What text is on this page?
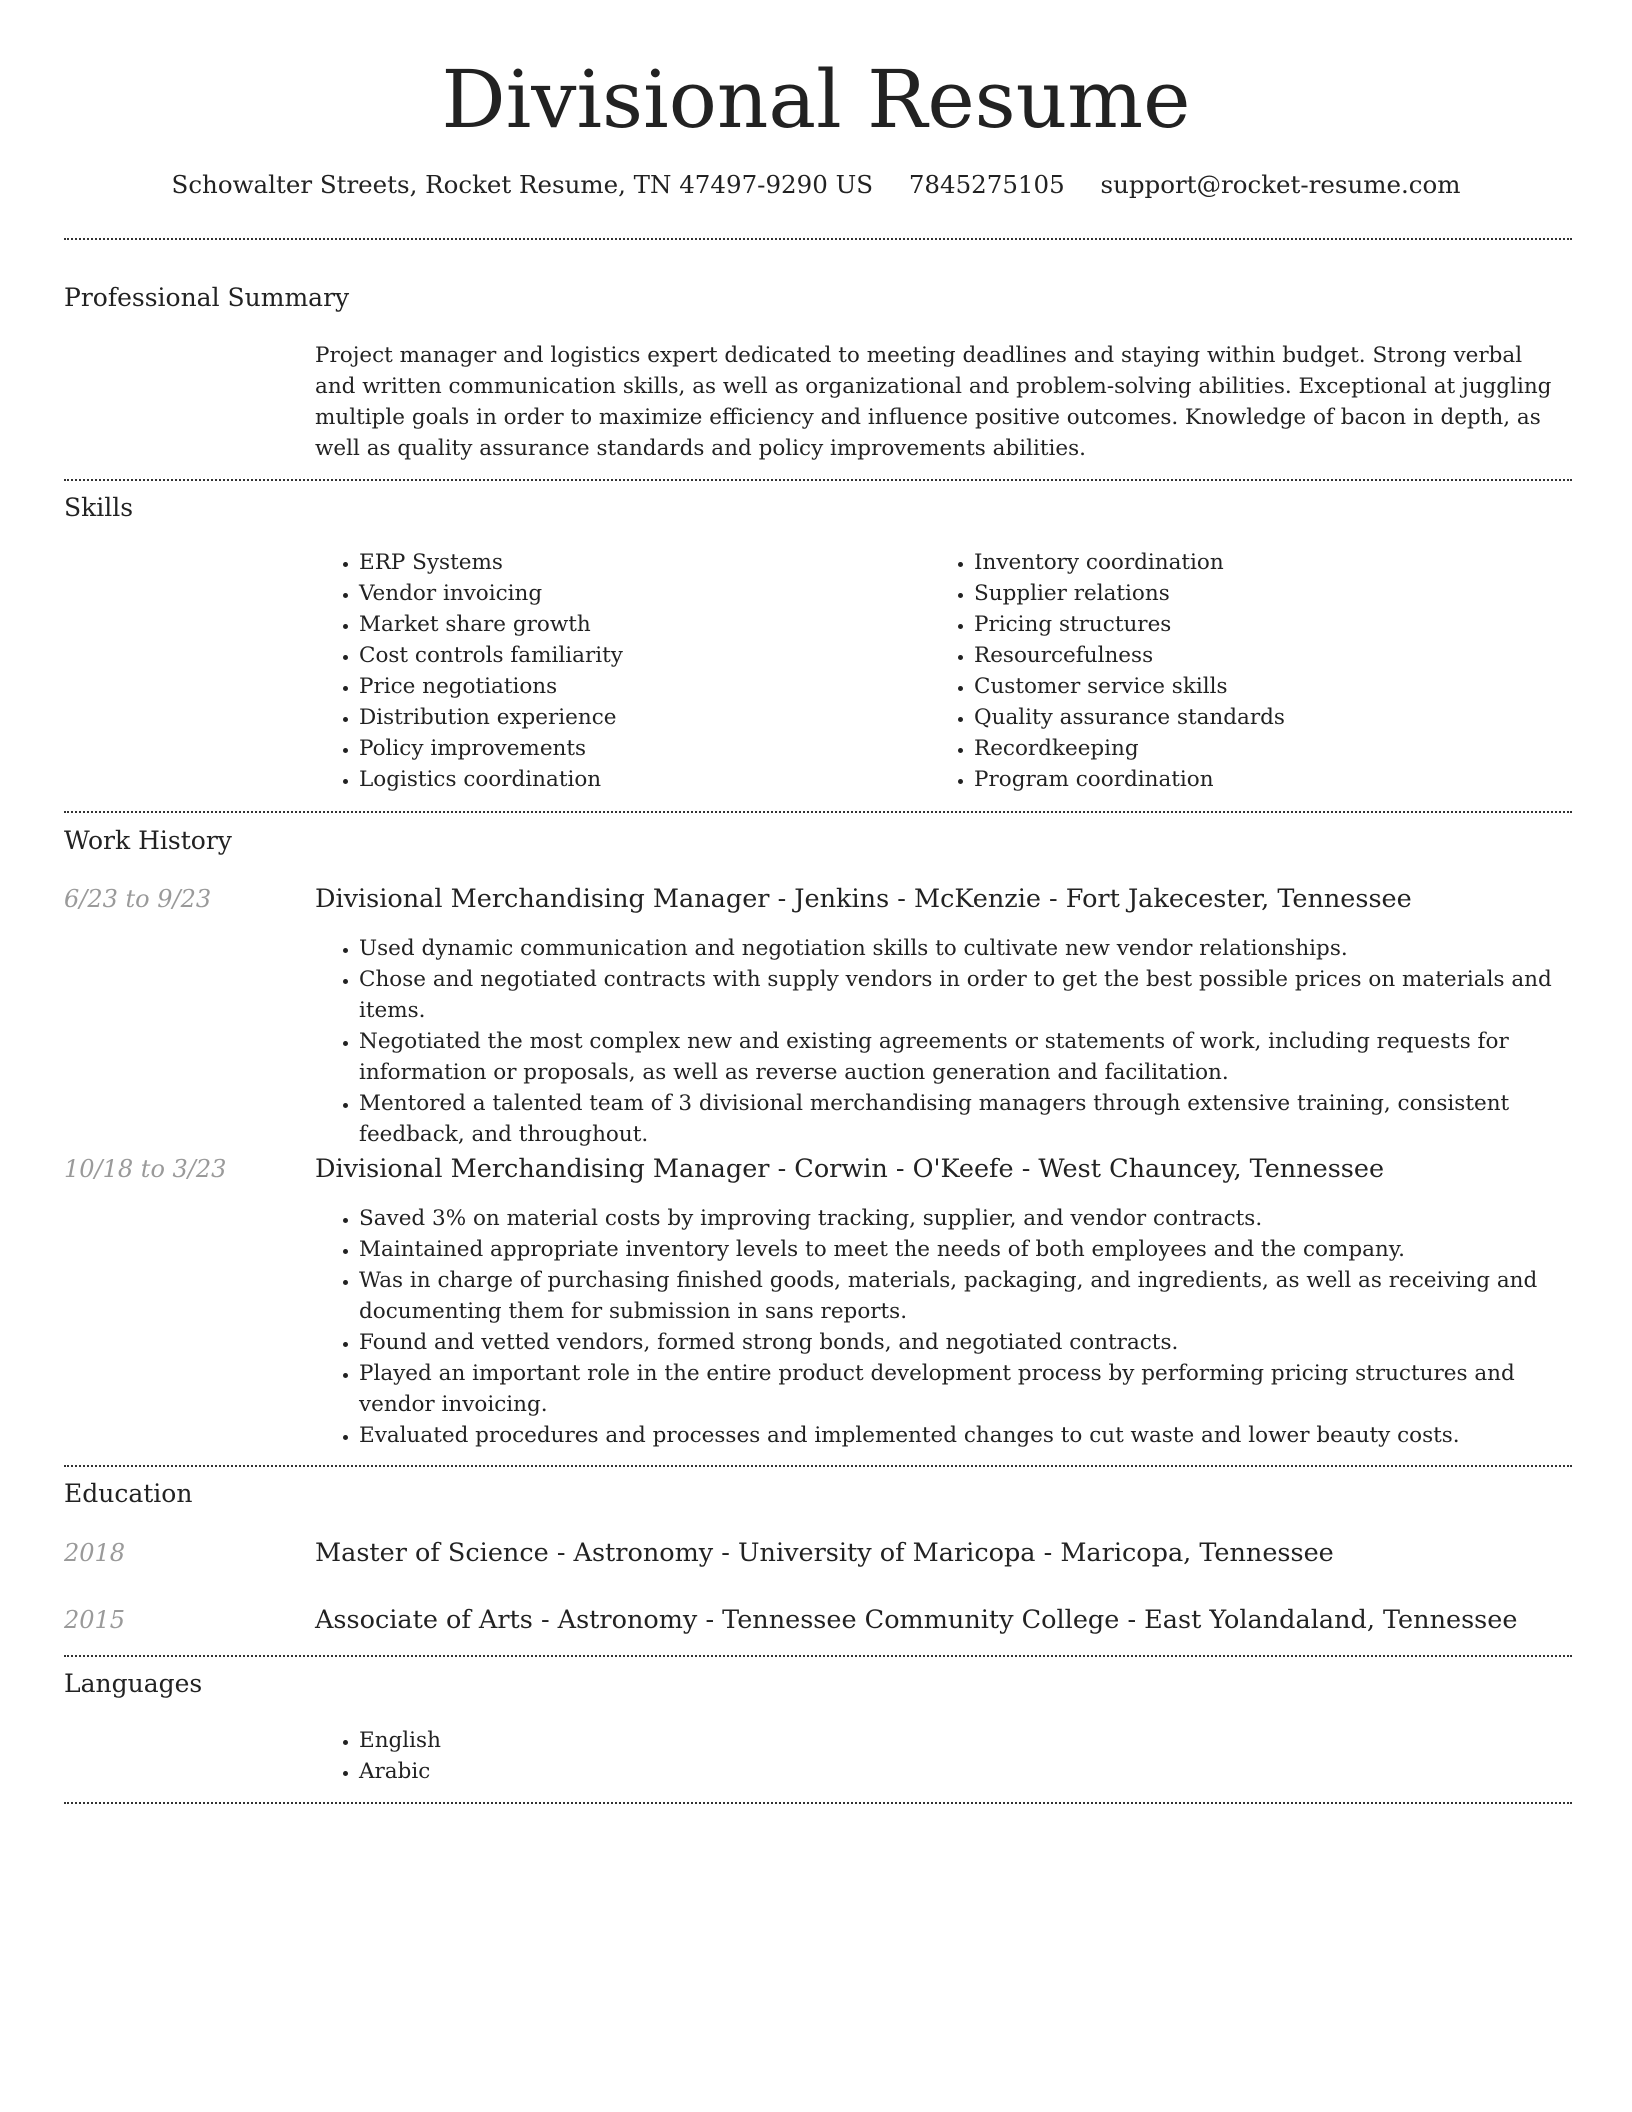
Divisional Resume
Schowalter Streets, Rocket Resume, TN 47497-9290 US 7845275105 support@rocket-resume.com
Professional Summary
Project manager and logistics expert dedicated to meeting deadlines and staying within budget. Strong verbal and written communication skills, as well as organizational and problem-solving abilities. Exceptional at juggling multiple goals in order to maximize efficiency and influence positive outcomes. Knowledge of bacon in depth, as well as quality assurance standards and policy improvements abilities.
Skills
• ERP Systems
• Vendor invoicing
• Market share growth
• Cost controls familiarity
• Price negotiations
• Distribution experience
• Policy improvements
• Logistics coordination
• Inventory coordination
• Supplier relations
• Pricing structures
• Resourcefulness
• Customer service skills
• Quality assurance standards
• Recordkeeping
• Program coordination
Work History
6/23 to 9/23	Divisional Merchandising Manager - Jenkins - McKenzie - Fort Jakecester, Tennessee
• Used dynamic communication and negotiation skills to cultivate new vendor relationships.
• Chose and negotiated contracts with supply vendors in order to get the best possible prices on materials and items.
• Negotiated the most complex new and existing agreements or statements of work, including requests for information or proposals, as well as reverse auction generation and facilitation.
• Mentored a talented team of 3 divisional merchandising managers through extensive training, consistent feedback, and throughout.
10/18 to 3/23	Divisional Merchandising Manager - Corwin - O'Keefe - West Chauncey, Tennessee
• Saved 3% on material costs by improving tracking, supplier, and vendor contracts.
• Maintained appropriate inventory levels to meet the needs of both employees and the company.
• Was in charge of purchasing finished goods, materials, packaging, and ingredients, as well as receiving and documenting them for submission in sans reports.
• Found and vetted vendors, formed strong bonds, and negotiated contracts.
• Played an important role in the entire product development process by performing pricing structures and vendor invoicing.
• Evaluated procedures and processes and implemented changes to cut waste and lower beauty costs.
Education
2018	Master of Science - Astronomy - University of Maricopa - Maricopa, Tennessee
2015	Associate of Arts - Astronomy - Tennessee Community College - East Yolandaland, Tennessee
Languages
• English
• Arabic
